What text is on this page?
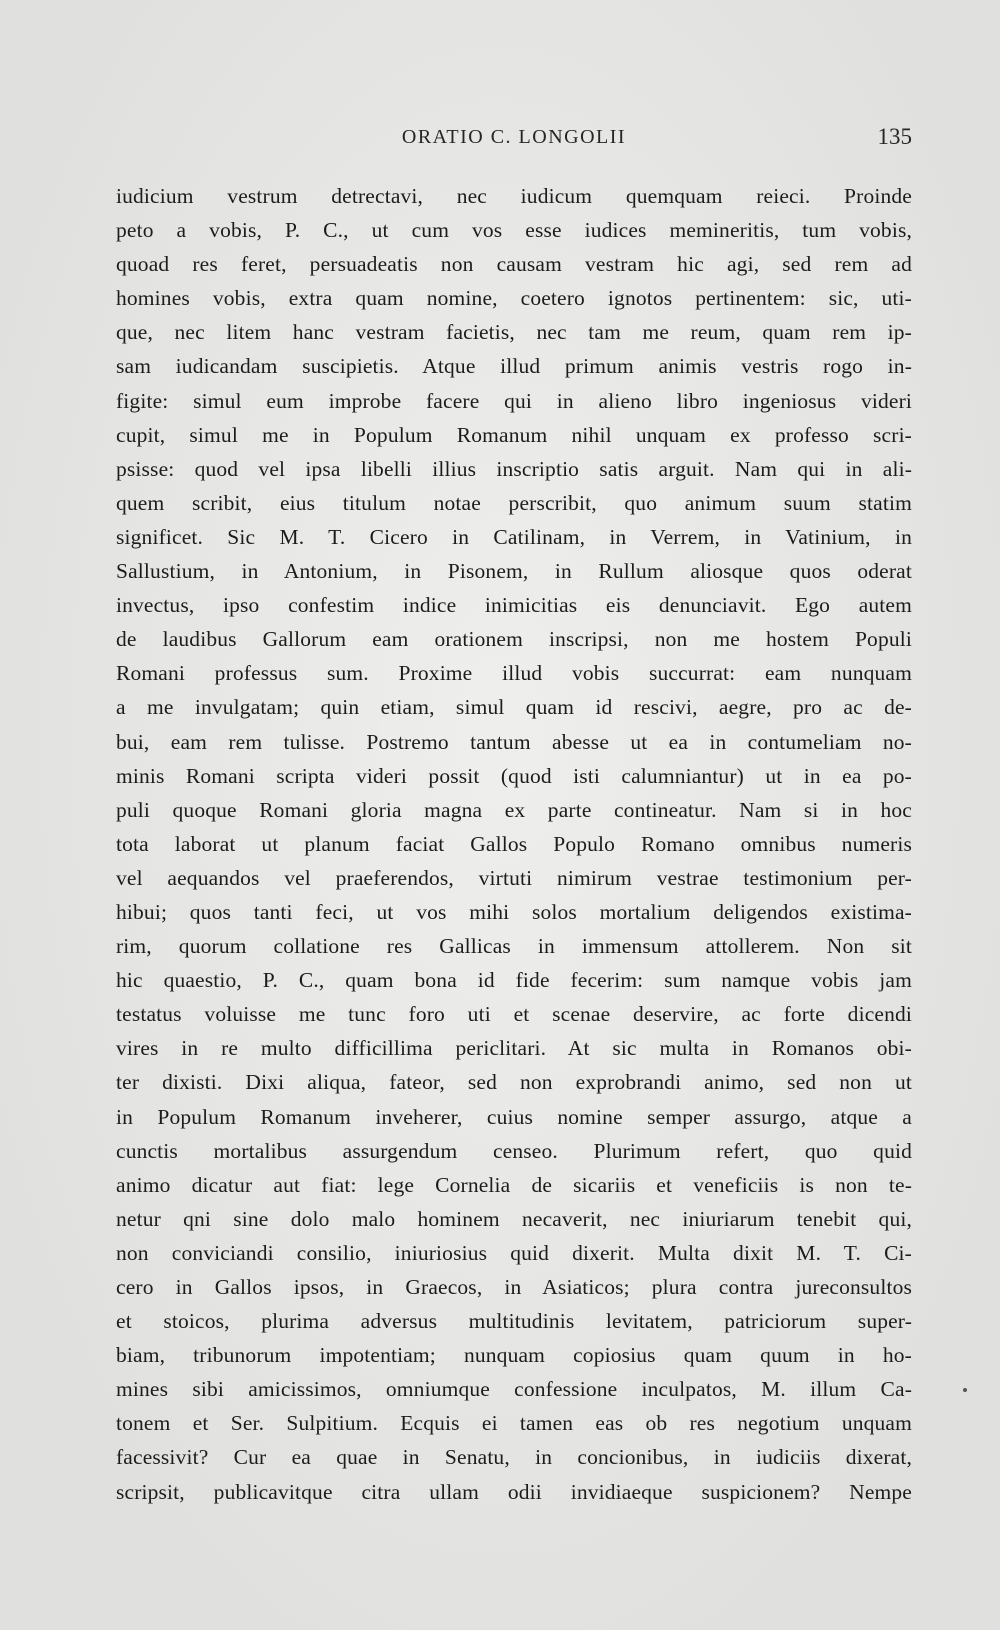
ORATIO C. LONGOLII	135
iudicium vestrum detrectavi, nec iudicum quemquam reieci. Proinde
peto a vobis, P. C., ut cum vos esse iudices memineritis, tum vobis,
quoad res feret, persuadeatis non causam vestram hic agi, sed rem ad
homines vobis, extra quam nomine, coetero ignotos pertinentem: sic, uti-
que, nec litem hanc vestram facietis, nec tam me reum, quam rem ip-
sam iudicandam suscipietis. Atque illud primum animis vestris rogo in-
figite: simul eum improbe facere qui in alieno libro ingeniosus videri
cupit, simul me in Populum Romanum nihil unquam ex professo scri-
psisse: quod vel ipsa libelli illius inscriptio satis arguit. Nam qui in ali-
quem scribit, eius titulum notae perscribit, quo animum suum statim
significet. Sic M. T. Cicero in Catilinam, in Verrem, in Vatinium, in
Sallustium, in Antonium, in Pisonem, in Rullum aliosque quos oderat
invectus, ipso confestim indice inimicitias eis denunciavit. Ego autem
de laudibus Gallorum eam orationem inscripsi, non me hostem Populi
Romani professus sum. Proxime illud vobis succurrat: eam nunquam
a me invulgatam; quin etiam, simul quam id rescivi, aegre, pro ac de-
bui, eam rem tulisse. Postremo tantum abesse ut ea in contumeliam no-
minis Romani scripta videri possit (quod isti calumniantur) ut in ea po-
puli quoque Romani gloria magna ex parte contineatur. Nam si in hoc
tota laborat ut planum faciat Gallos Populo Romano omnibus numeris
vel aequandos vel praeferendos, virtuti nimirum vestrae testimonium per-
hibui; quos tanti feci, ut vos mihi solos mortalium deligendos existima-
rim, quorum collatione res Gallicas in immensum attollerem. Non sit
hic quaestio, P. C., quam bona id fide fecerim: sum namque vobis jam
testatus voluisse me tunc foro uti et scenae deservire, ac forte dicendi
vires in re multo difficillima periclitari. At sic multa in Romanos obi-
ter dixisti. Dixi aliqua, fateor, sed non exprobrandi animo, sed non ut
in Populum Romanum inveherer, cuius nomine semper assurgo, atque a
cunctis mortalibus assurgendum censeo. Plurimum refert, quo quid
animo dicatur aut fiat: lege Cornelia de sicariis et veneficiis is non te-
netur qni sine dolo malo hominem necaverit, nec iniuriarum tenebit qui,
non conviciandi consilio, iniuriosius quid dixerit. Multa dixit M. T. Ci-
cero in Gallos ipsos, in Graecos, in Asiaticos; plura contra jureconsultos
et stoicos, plurima adversus multitudinis levitatem, patriciorum super-
biam, tribunorum impotentiam; nunquam copiosius quam quum in ho-
mines sibi amicissimos, omniumque confessione inculpatos, M. illum Ca-
tonem et Ser. Sulpitium. Ecquis ei tamen eas ob res negotium unquam
facessivit? Cur ea quae in Senatu, in concionibus, in iudiciis dixerat,
scripsit, publicavitque citra ullam odii invidiaeque suspicionem? Nempe
